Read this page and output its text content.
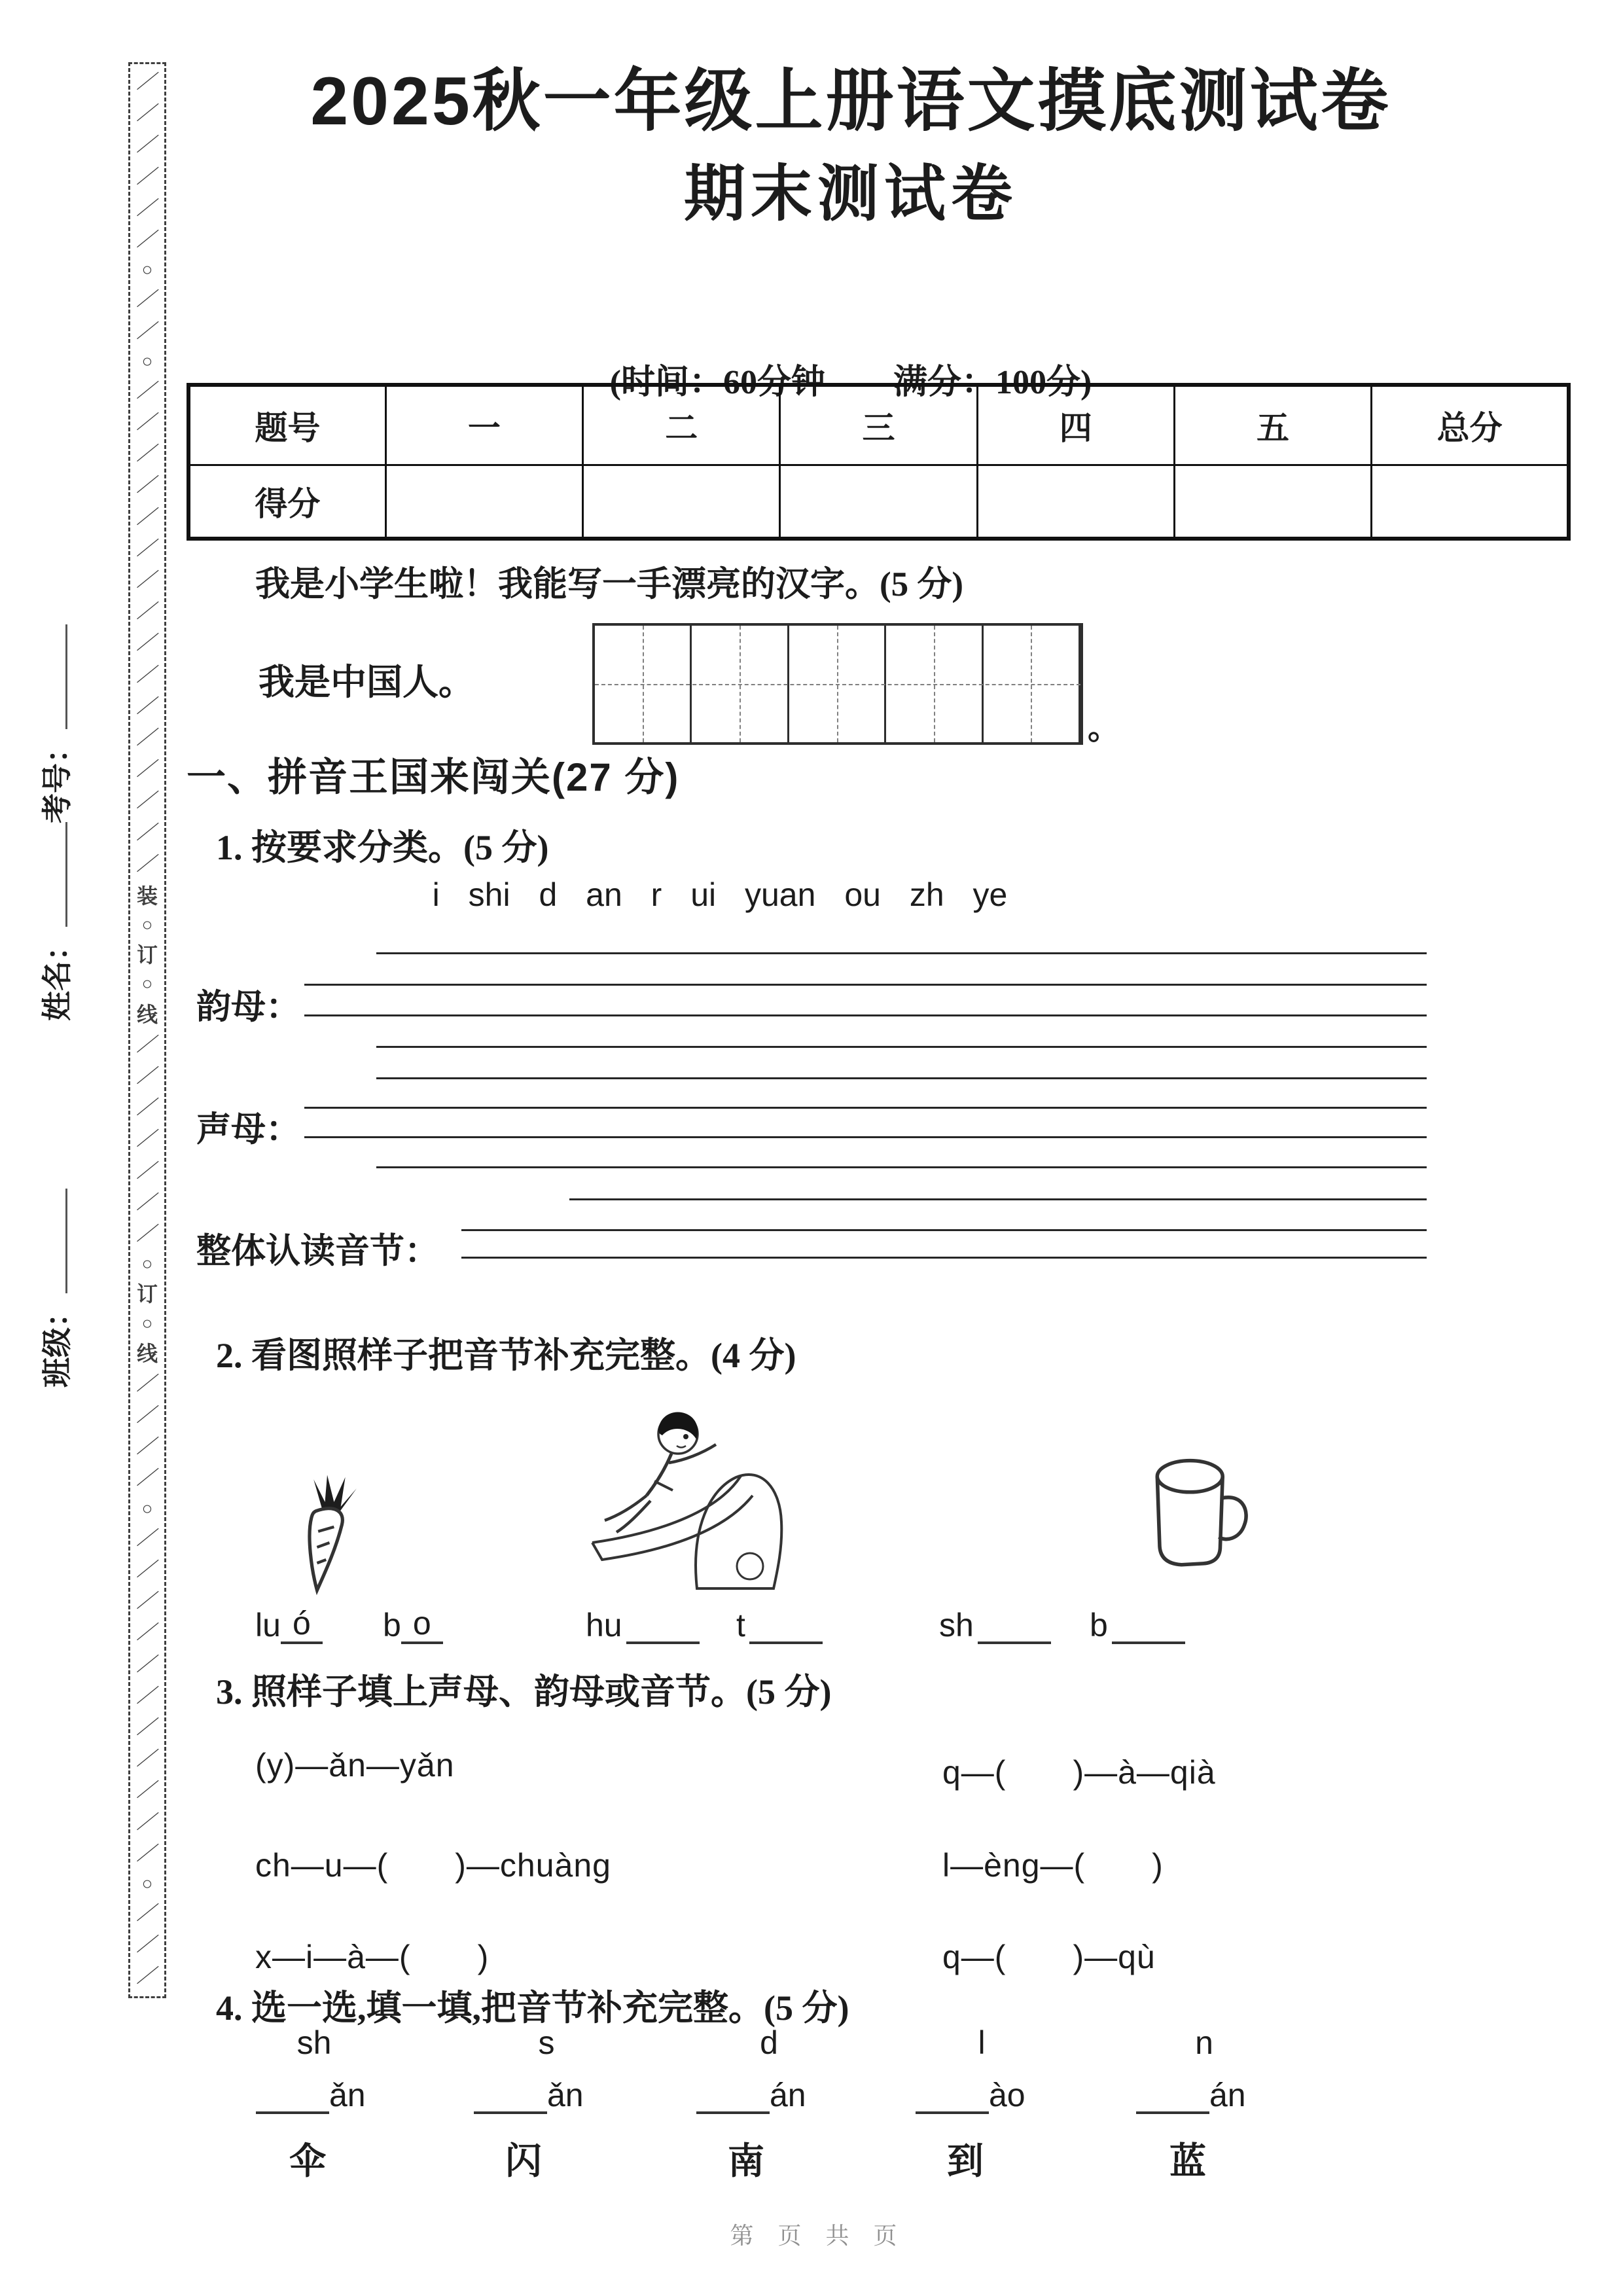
／
／
／
／
／
／
○
／
／
○
／
／
／
／
／
／
／
／
／
／
／
／
／
／
／
／
装
○
订
○
线
／
／
／
／
／
／
／
○
订
○
线
／
／
／
／
○
／
／
／
／
／
／
／
／
／
／
／
○
／
／
／
考号：
姓名：
班级：
2025秋一年级上册语文摸底测试卷
期末测试卷
(时间：60分钟　　满分：100分)
题号	一	二	三	四	五	总分
得分						
我是小学生啦！我能写一手漂亮的汉字。(5 分)
我是中国人。
。
一、拼音王国来闯关(27 分)
1. 按要求分类。(5 分)
i shi d an r ui yuan ou zh ye
韵母：
声母：
整体认读音节：
2. 看图照样子把音节补充完整。(4 分)
lu ó	b o	hu	t	sh	b
3. 照样子填上声母、韵母或音节。(5 分)
(y)—ǎn—yǎn	q—(　　)—à—qià
ch—u—(　　)—chuàng	l—èng—(　　)
x—i—à—(　　)	q—(　　)—qù
4. 选一选,填一填,把音节补充完整。(5 分)
sh	s	d	l	n
ǎn	ǎn	án	ào	án
伞	闪	南	到	蓝
第 页 共 页
